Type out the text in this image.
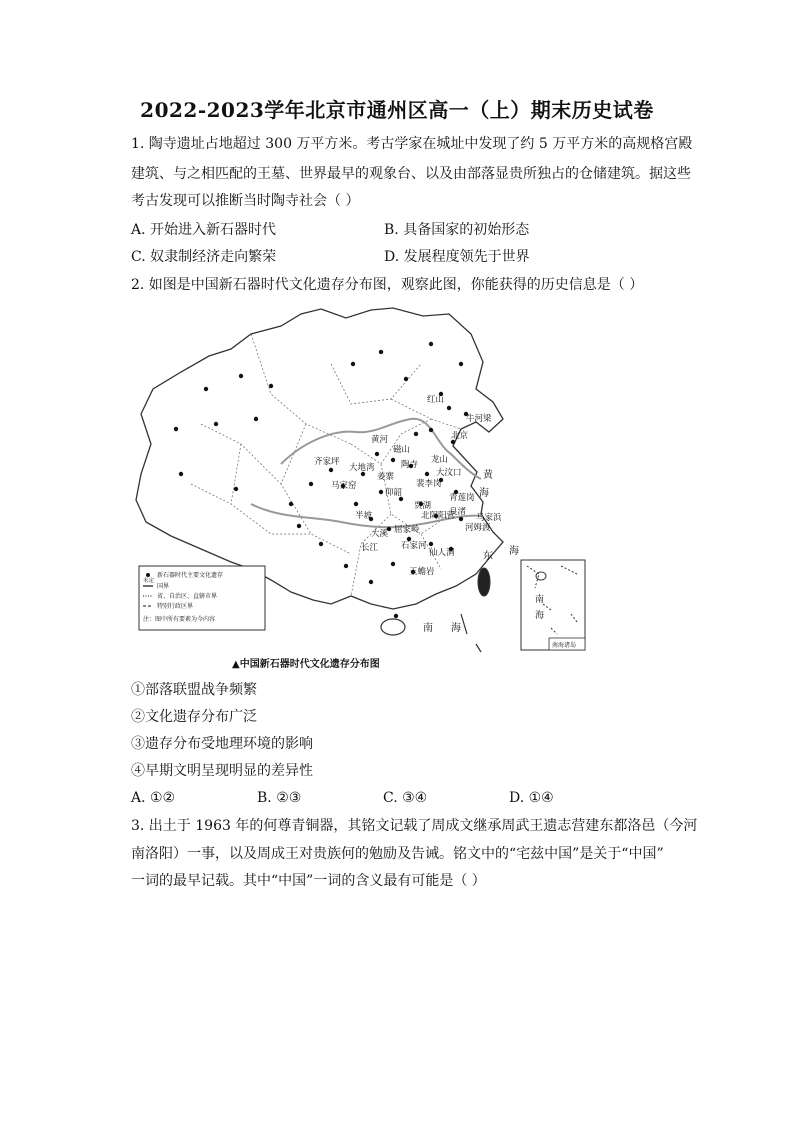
2022-2023学年北京市通州区高一（上）期末历史试卷
1. 陶寺遗址占地超过 300 万平方米。考古学家在城址中发现了约 5 万平方米的高规格宫殿
建筑、与之相匹配的王墓、世界最早的观象台、以及由部落显贵所独占的仓储建筑。据这些
考古发现可以推断当时陶寺社会（ ）
A. 开始进入新石器时代	B. 具备国家的初始形态
C. 奴隶制经济走向繁荣	D. 发展程度领先于世界
2. 如图是中国新石器时代文化遗存分布图，观察此图，你能获得的历史信息是（ ）
红山
半坡
大汶口
河姆渡
马家窑
齐家坪
大地湾
磁山
陶寺
仰韶
裴李岗
屈家岭
龙山
良渚
马家浜
仙人洞
玉蟾岩
大溪
北京
牛河梁
青莲岗
北阴阳营
姜寨
贾湖
石家河
长江
黄河
黄
海
东 海
南 海
新石器时代主要文化遗存
国界
未定
省、自治区、直辖市界
特别行政区界
注：图中所有要素为今内容
南
海
南海诸岛
▲中国新石器时代文化遗存分布图
①部落联盟战争频繁
②文化遗存分布广泛
③遗存分布受地理环境的影响
④早期文明呈现明显的差异性
A. ①②	B. ②③	C. ③④	D. ①④
3. 出土于 1963 年的何尊青铜器，其铭文记载了周成文继承周武王遗志营建东都洛邑（今河
南洛阳）一事，以及周成王对贵族何的勉励及告诫。铭文中的“宅兹中国”是关于“中国”
一词的最早记载。其中“中国”一词的含义最有可能是（ ）
